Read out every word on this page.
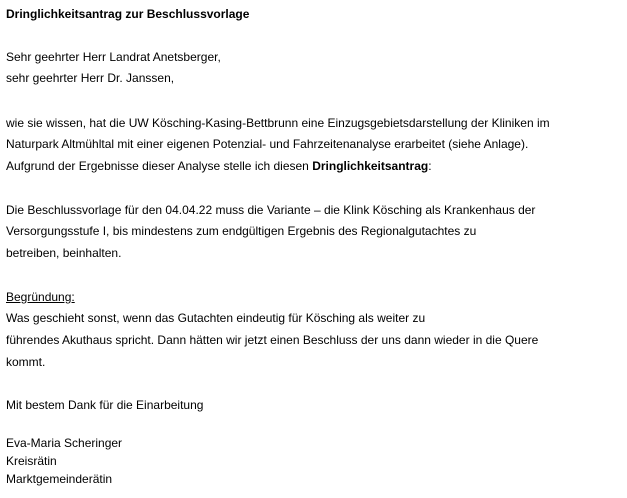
Dringlichkeitsantrag zur Beschlussvorlage
Sehr geehrter Herr Landrat Anetsberger,
sehr geehrter Herr Dr. Janssen,
wie sie wissen, hat die UW Kösching-Kasing-Bettbrunn eine Einzugsgebietsdarstellung der Kliniken im
Naturpark Altmühltal mit einer eigenen Potenzial- und Fahrzeitenanalyse erarbeitet (siehe Anlage).
Aufgrund der Ergebnisse dieser Analyse stelle ich diesen Dringlichkeitsantrag:
Die Beschlussvorlage für den 04.04.22 muss die Variante – die Klink Kösching als Krankenhaus der
Versorgungsstufe I, bis mindestens zum endgültigen Ergebnis des Regionalgutachtes zu
betreiben, beinhalten.
Begründung:
Was geschieht sonst, wenn das Gutachten eindeutig für Kösching als weiter zu
führendes Akuthaus spricht. Dann hätten wir jetzt einen Beschluss der uns dann wieder in die Quere
kommt.
Mit bestem Dank für die Einarbeitung
Eva-Maria Scheringer
Kreisrätin
Marktgemeinderätin
